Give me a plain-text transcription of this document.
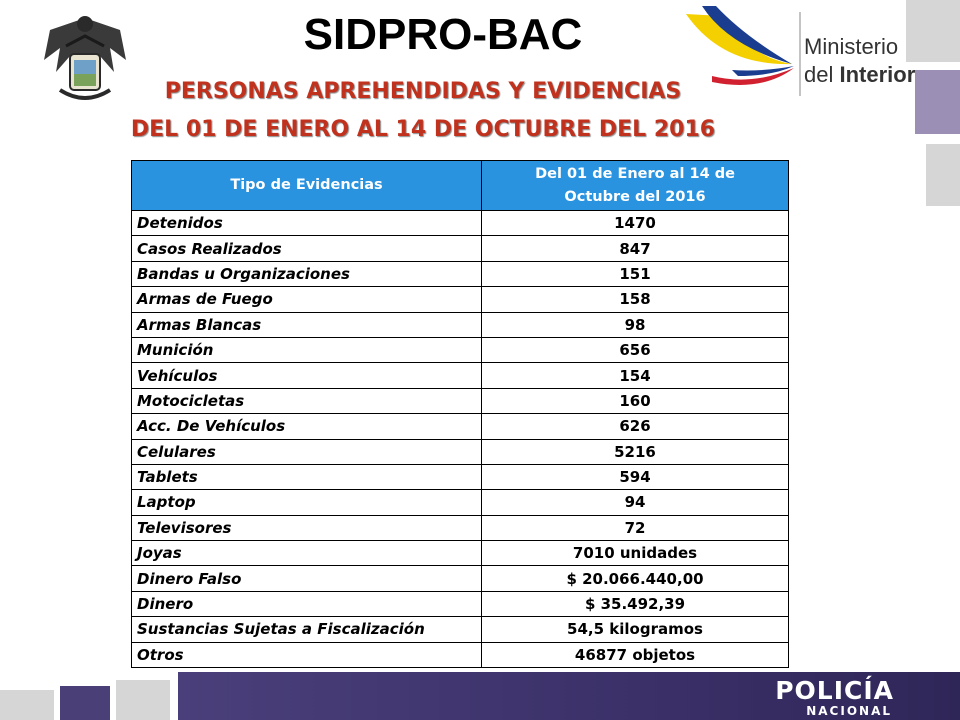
Ministerio
del Interior
SIDPRO-BAC
PERSONAS APREHENDIDAS Y EVIDENCIAS
DEL 01 DE ENERO AL 14 DE OCTUBRE DEL 2016
Tipo de Evidencias	Del 01 de Enero al 14 de
Octubre del 2016
Detenidos	1470
Casos Realizados	847
Bandas u Organizaciones	151
Armas de Fuego	158
Armas Blancas	98
Munición	656
Vehículos	154
Motocicletas	160
Acc. De Vehículos	626
Celulares	5216
Tablets	594
Laptop	94
Televisores	72
Joyas	7010 unidades
Dinero Falso	$ 20.066.440,00
Dinero	$ 35.492,39
Sustancias Sujetas a Fiscalización	54,5 kilogramos
Otros	46877 objetos
POLICÍA
NACIONAL
